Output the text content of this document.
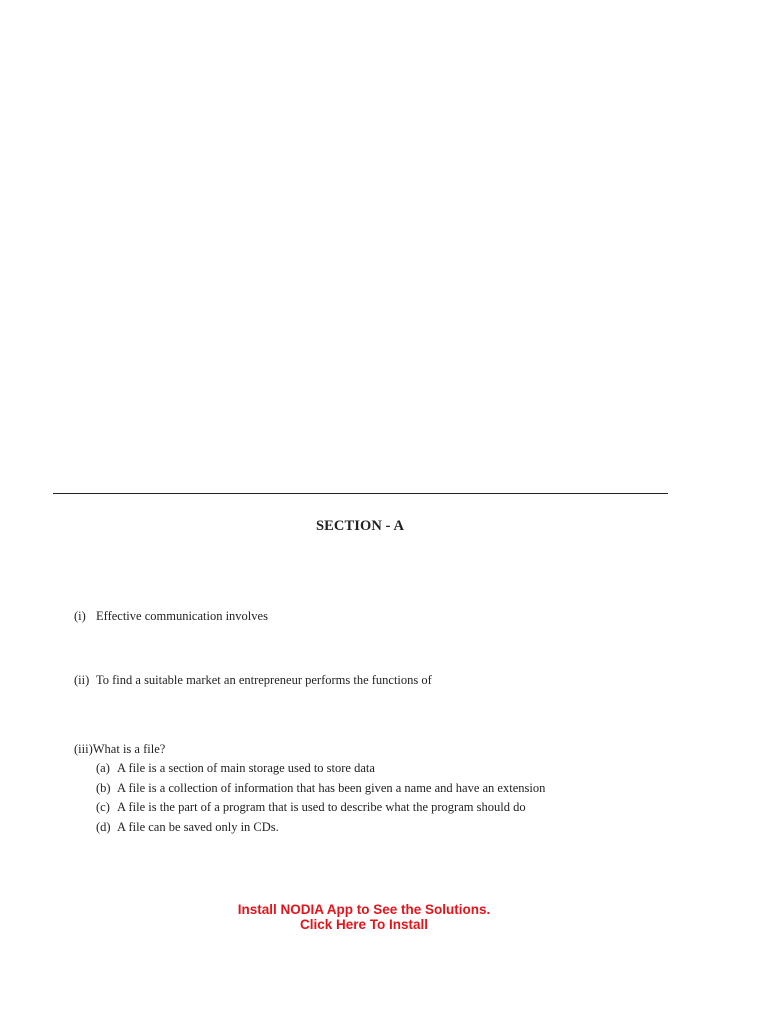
SECTION - A
(i) Effective communication involves
(ii) To find a suitable market an entrepreneur performs the functions of
(iii)What is a file?
(a) A file is a section of main storage used to store data
(b) A file is a collection of information that has been given a name and have an extension
(c) A file is the part of a program that is used to describe what the program should do
(d) A file can be saved only in CDs.
Install NODIA App to See the Solutions.
Click Here To Install
